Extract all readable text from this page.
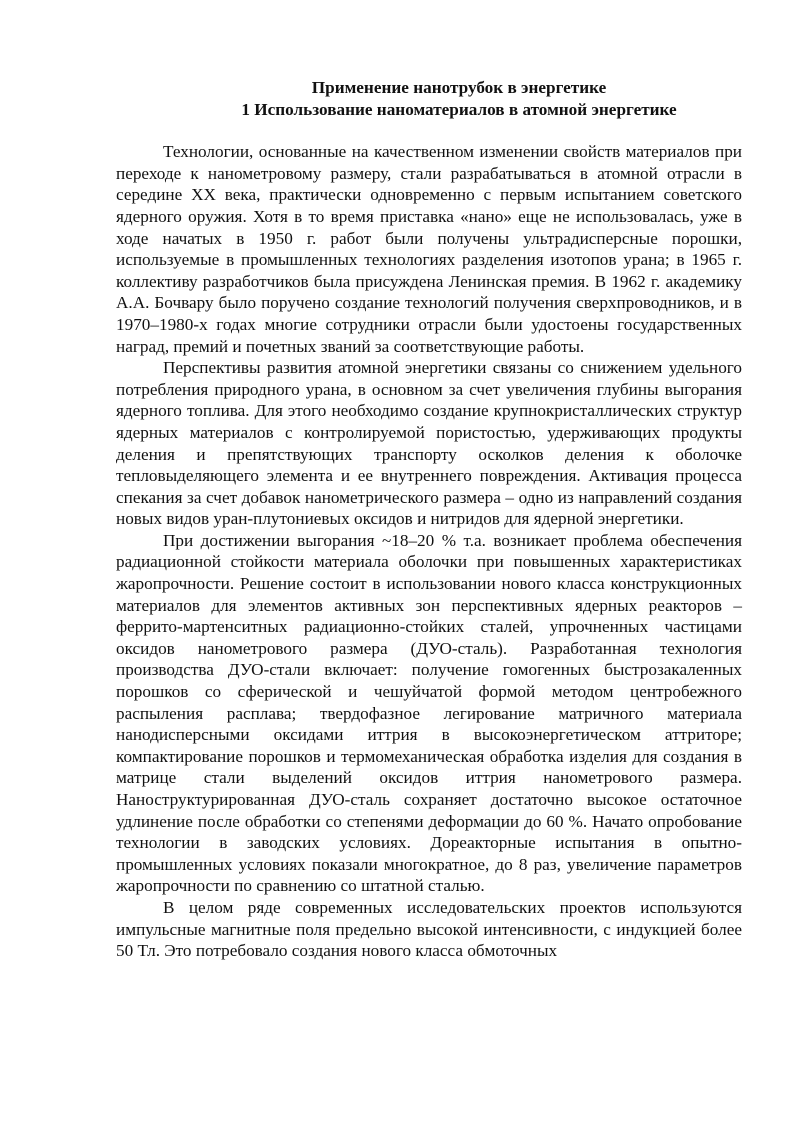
Применение нанотрубок в энергетике

1 Использование наноматериалов в атомной энергетике

Технологии, основанные на качественном изменении свойств материалов при переходе к нанометровому размеру, стали разрабатываться в атомной отрасли в середине XX века, практически одновременно с первым испытанием советского ядерного оружия. Хотя в то время приставка «нано» еще не использовалась, уже в ходе начатых в 1950 г. работ были получены ультрадисперсные порошки, используемые в промышленных технологиях разделения изотопов урана; в 1965 г. коллективу разработчиков была присуждена Ленинская премия. В 1962 г. академику А.А. Бочвару было поручено создание технологий получения сверхпроводников, и в 1970–1980-х годах многие сотрудники отрасли были удостоены государственных наград, премий и почетных званий за соответствующие работы.

Перспективы развития атомной энергетики связаны со снижением удельного потребления природного урана, в основном за счет увеличения глубины выгорания ядерного топлива. Для этого необходимо создание крупнокристаллических структур ядерных материалов с контролируемой пористостью, удерживающих продукты деления и препятствующих транспорту осколков деления к оболочке тепловыделяющего элемента и ее внутреннего повреждения. Активация процесса спекания за счет добавок нанометрического размера – одно из направлений создания новых видов уран-плутониевых оксидов и нитридов для ядерной энергетики.

При достижении выгорания ~18–20 % т.а. возникает проблема обеспечения радиационной стойкости материала оболочки при повышенных характеристиках жаропрочности. Решение состоит в использовании нового класса конструкционных материалов для элементов активных зон перспективных ядерных реакторов – феррито-мартенситных радиационно-стойких сталей, упрочненных частицами оксидов нанометрового размера (ДУО-сталь). Разработанная технология производства ДУО-стали включает: получение гомогенных быстрозакаленных порошков со сферической и чешуйчатой формой методом центробежного распыления расплава; твердофазное легирование матричного материала нанодисперсными оксидами иттрия в высокоэнергетическом аттриторе; компактирование порошков и термомеханическая обработка изделия для создания в матрице стали выделений оксидов иттрия нанометрового размера. Наноструктурированная ДУО-сталь сохраняет достаточно высокое остаточное удлинение после обработки со степенями деформации до 60 %. Начато опробование технологии в заводских условиях. Дореакторные испытания в опытно-промышленных условиях показали многократное, до 8 раз, увеличение параметров жаропрочности по сравнению со штатной сталью.

В целом ряде современных исследовательских проектов используются импульсные магнитные поля предельно высокой интенсивности, с индукцией более 50 Тл. Это потребовало создания нового класса обмоточных
